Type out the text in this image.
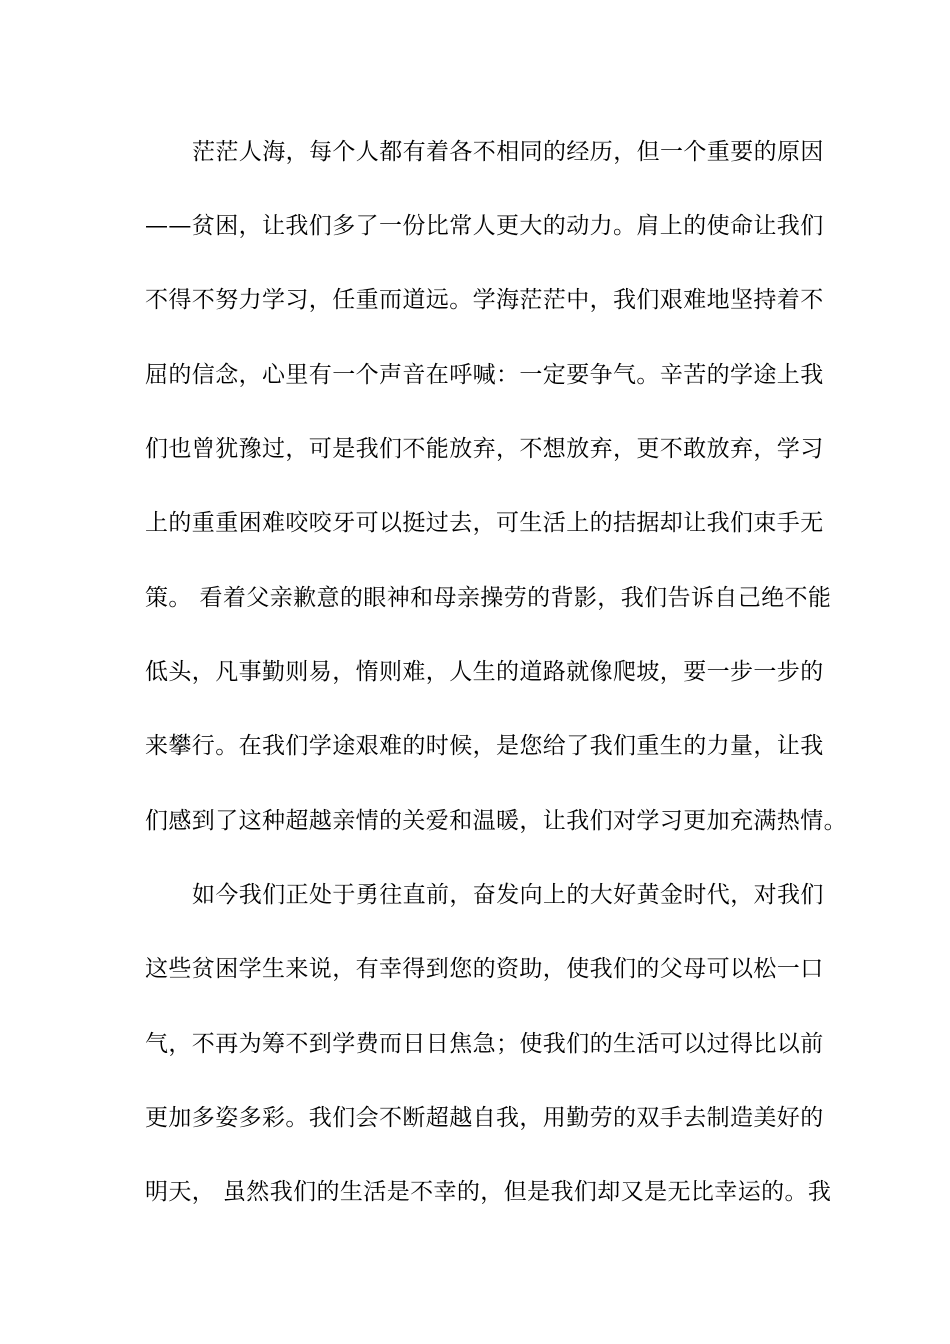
茫茫人海，每个人都有着各不相同的经历，但一个重要的原因
——贫困，让我们多了一份比常人更大的动力。肩上的使命让我们
不得不努力学习，任重而道远。学海茫茫中，我们艰难地坚持着不
屈的信念，心里有一个声音在呼喊：一定要争气。辛苦的学途上我
们也曾犹豫过，可是我们不能放弃，不想放弃，更不敢放弃，学习
上的重重困难咬咬牙可以挺过去，可生活上的拮据却让我们束手无
策。 看着父亲歉意的眼神和母亲操劳的背影，我们告诉自己绝不能
低头，凡事勤则易，惰则难，人生的道路就像爬坡，要一步一步的
来攀行。在我们学途艰难的时候，是您给了我们重生的力量，让我
们感到了这种超越亲情的关爱和温暖，让我们对学习更加充满热情。
如今我们正处于勇往直前，奋发向上的大好黄金时代，对我们
这些贫困学生来说，有幸得到您的资助，使我们的父母可以松一口
气，不再为筹不到学费而日日焦急；使我们的生活可以过得比以前
更加多姿多彩。我们会不断超越自我，用勤劳的双手去制造美好的
明天， 虽然我们的生活是不幸的，但是我们却又是无比幸运的。我
